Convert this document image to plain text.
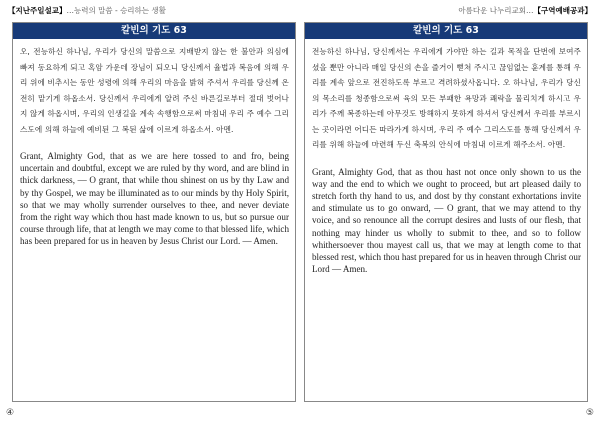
【지난주일설교】…능력의 말씀 - 승리하는 생활
칼빈의 기도 63

오, 전능하신 하나님, 우리가 당신의 말씀으로 지배받지 않는 한 불안과 의심에 빠져 동요하게 되고 혹암 가운데 장님이 되오니 당신께서 율법과 복음에 의해 우리 위에 비추시는 동안 성령에 의해 우리의 마음을 밝혀 주셔서 우리를 당신께 온전히 맡기게 하옵소서. 당신께서 우리에게 알려 주신 바른길로부터 절대 벗어나지 않게 하옵시며, 우리의 인생길을 계속 속행함으로써 마침내 우리 주 예수 그리스도에 의해 하늘에 예비된 그 복된 삶에 이르게 하옵소서. 아멘.

Grant, Almighty God, that as we are here tossed to and fro, being uncertain and doubtful, except we are ruled by thy word, and are blind in thick darkness, — O grant, that while thou shinest on us by thy Law and by thy Gospel, we may be illuminated as to our minds by thy Holy Spirit, so that we may wholly surrender ourselves to thee, and never deviate from the right way which thou hast made known to us, but so pursue our course through life, that at length we may come to that blessed life, which has been prepared for us in heaven by Jesus Christ our Lord. — Amen.

④
아름다운 나누리교회…【구역예배공과】
칼빈의 기도 63

전능하신 하나님, 당신께서는 우리에게 가야만 하는 길과 목적을 단번에 보여주셨을 뿐만 아니라 매일 당신의 손을 즐거이 뻗쳐 주시고 끊임없는 훈계를 통해 우리를 계속 앞으로 전진하도록 부르고 격려하셨사옵니다. 오 하나님, 우리가 당신의 목소리를 청종함으로써 육의 모든 부패한 욕망과 쾌락을 물리치게 하시고 우리가 주께 복종하는데 아무것도 방해하지 못하게 하셔서 당신께서 우리를 부르시는 곳이라면 어디든 따라가게 하시며, 우리 주 예수 그리스도를 통해 당신께서 우리를 위해 하늘에 마련해 두신 축복의 안식에 마침내 이르게 해주소서. 아멘.

Grant, Almighty God, that as thou hast not once only shown to us the way and the end to which we ought to proceed, but art pleased daily to stretch forth thy hand to us, and dost by thy constant exhortations invite and stimulate us to go onward, — O grant, that we may attend to thy voice, and so renounce all the corrupt desires and lusts of our flesh, that nothing may hinder us wholly to submit to thee, and so to follow whithersoever thou mayest call us, that we may at length come to that blessed rest, which thou hast prepared for us in heaven through Christ our Lord — Amen.

⑤
